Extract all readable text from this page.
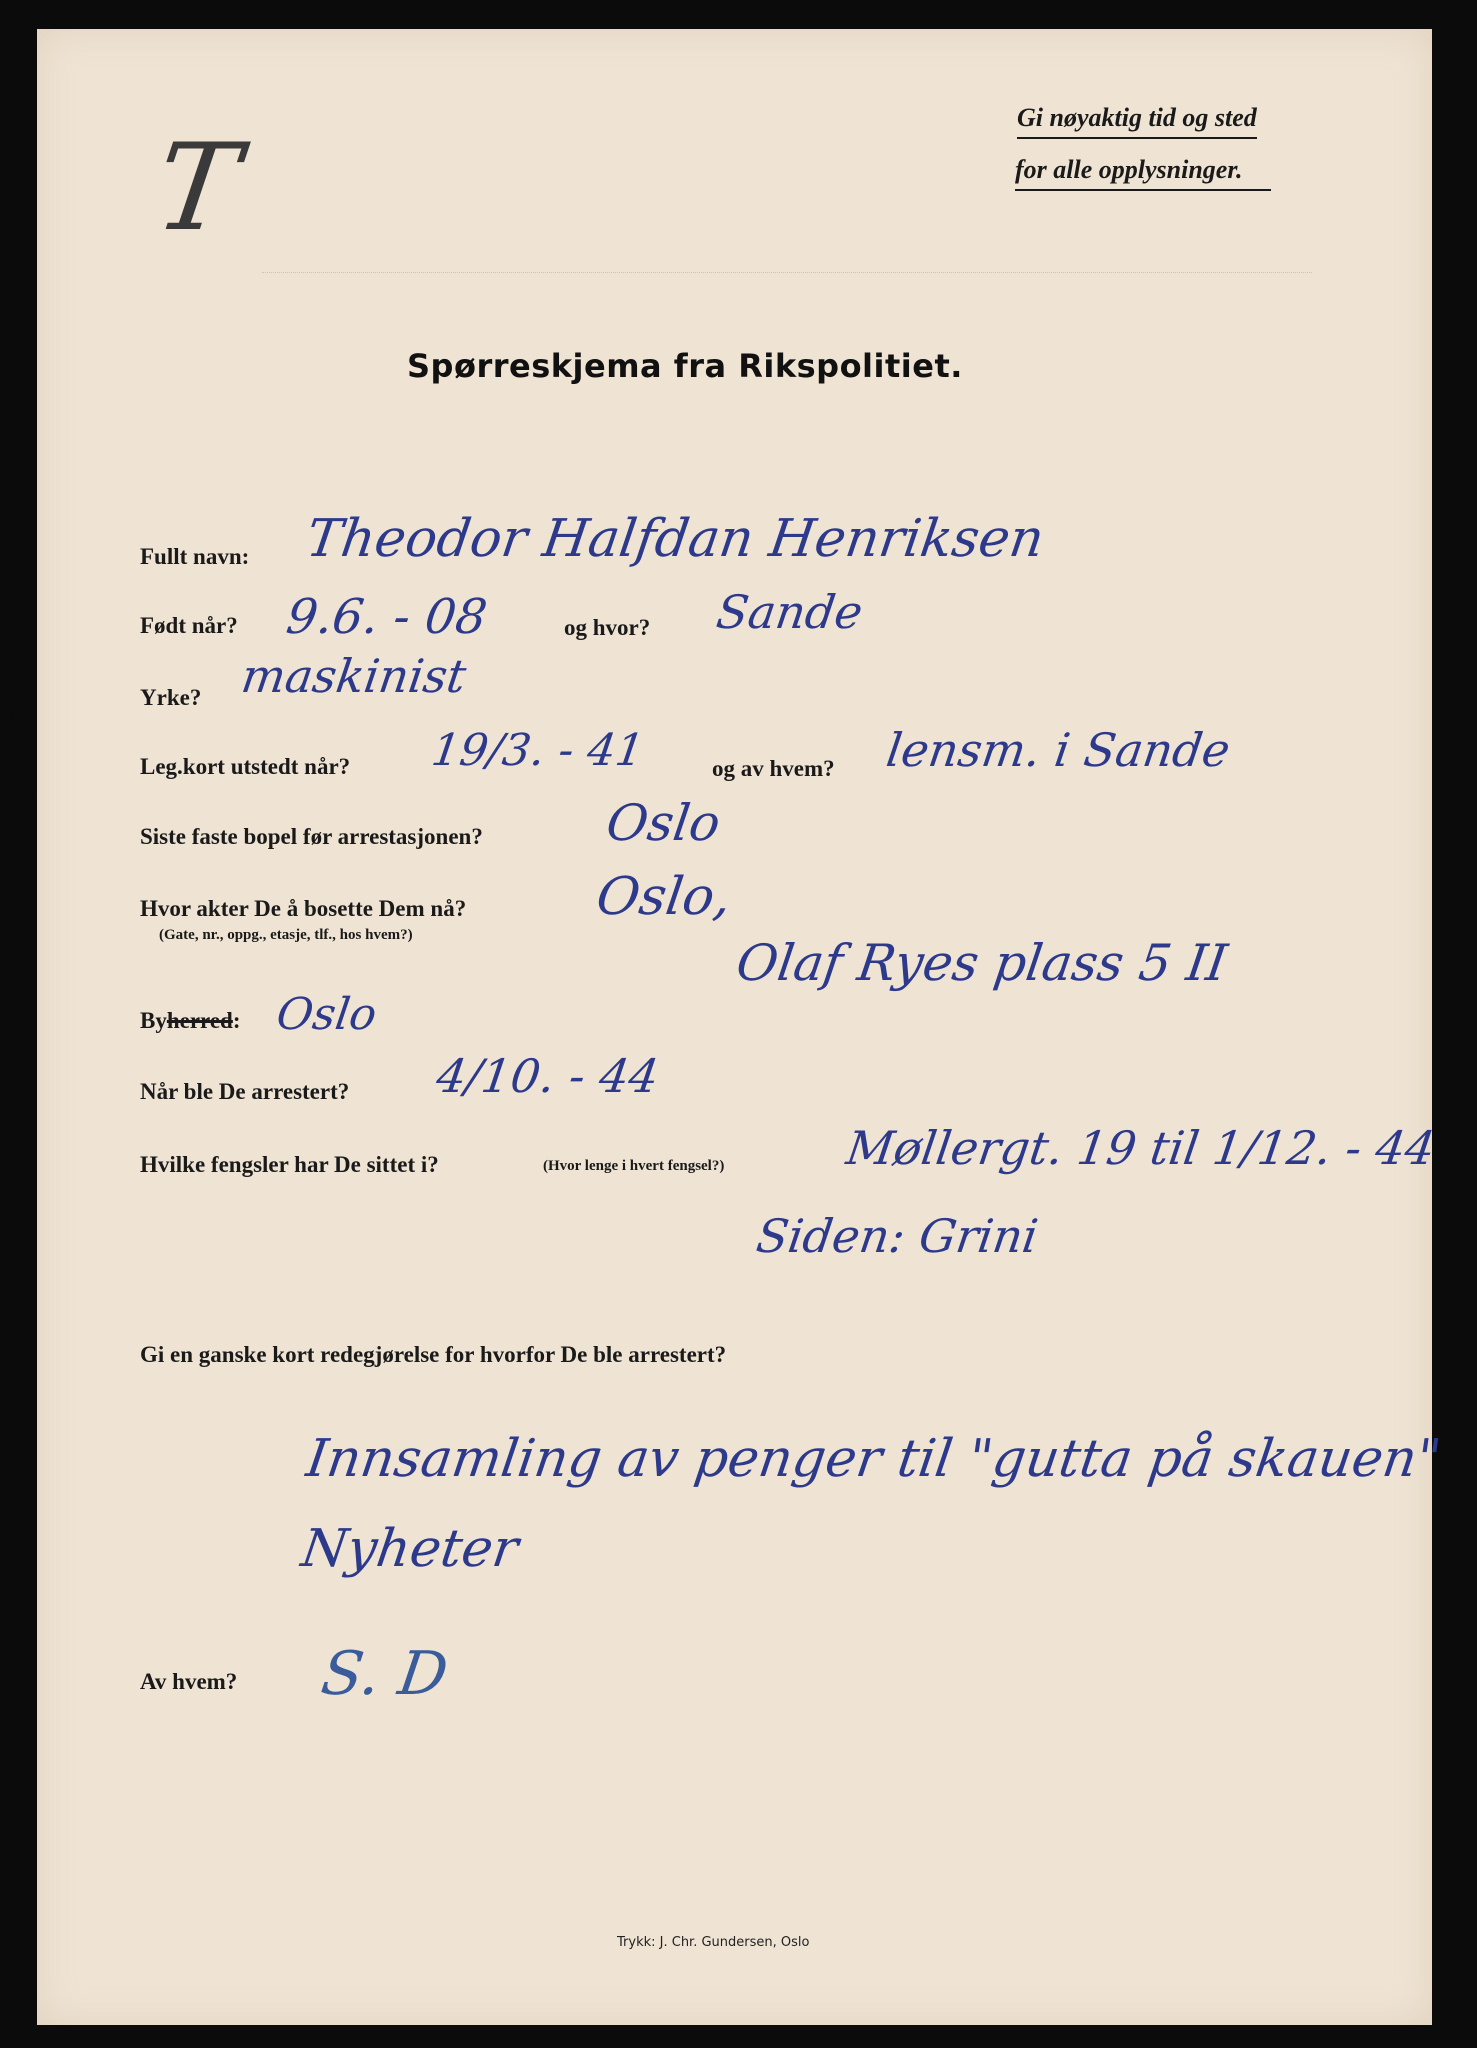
T
Gi nøyaktig tid og sted
for alle opplysninger.
Spørreskjema fra Rikspolitiet.
Fullt navn: Theodor Halfdan Henriksen
Født når? 9.6. - 08	og hvor? Sande
Yrke? maskinist
Leg.kort utstedt når? 19/3. - 41	og av hvem? lensm. i Sande
Siste faste bopel før arrestasjonen? Oslo
Hvor akter De å bosette Dem nå?
(Gate, nr., oppg., etasje, tlf., hos hvem?)
Oslo,
Olaf Ryes plass 5 II
Byherred: Oslo
Når ble De arrestert? 4/10. - 44
Hvilke fengsler har De sittet i?	(Hvor lenge i hvert fengsel?)	Møllergt. 19 til 1/12. - 44
Siden: Grini
Gi en ganske kort redegjørelse for hvorfor De ble arrestert?
Innsamling av penger til "gutta på skauen"
Nyheter
Av hvem? S. D
Trykk: J. Chr. Gundersen, Oslo
